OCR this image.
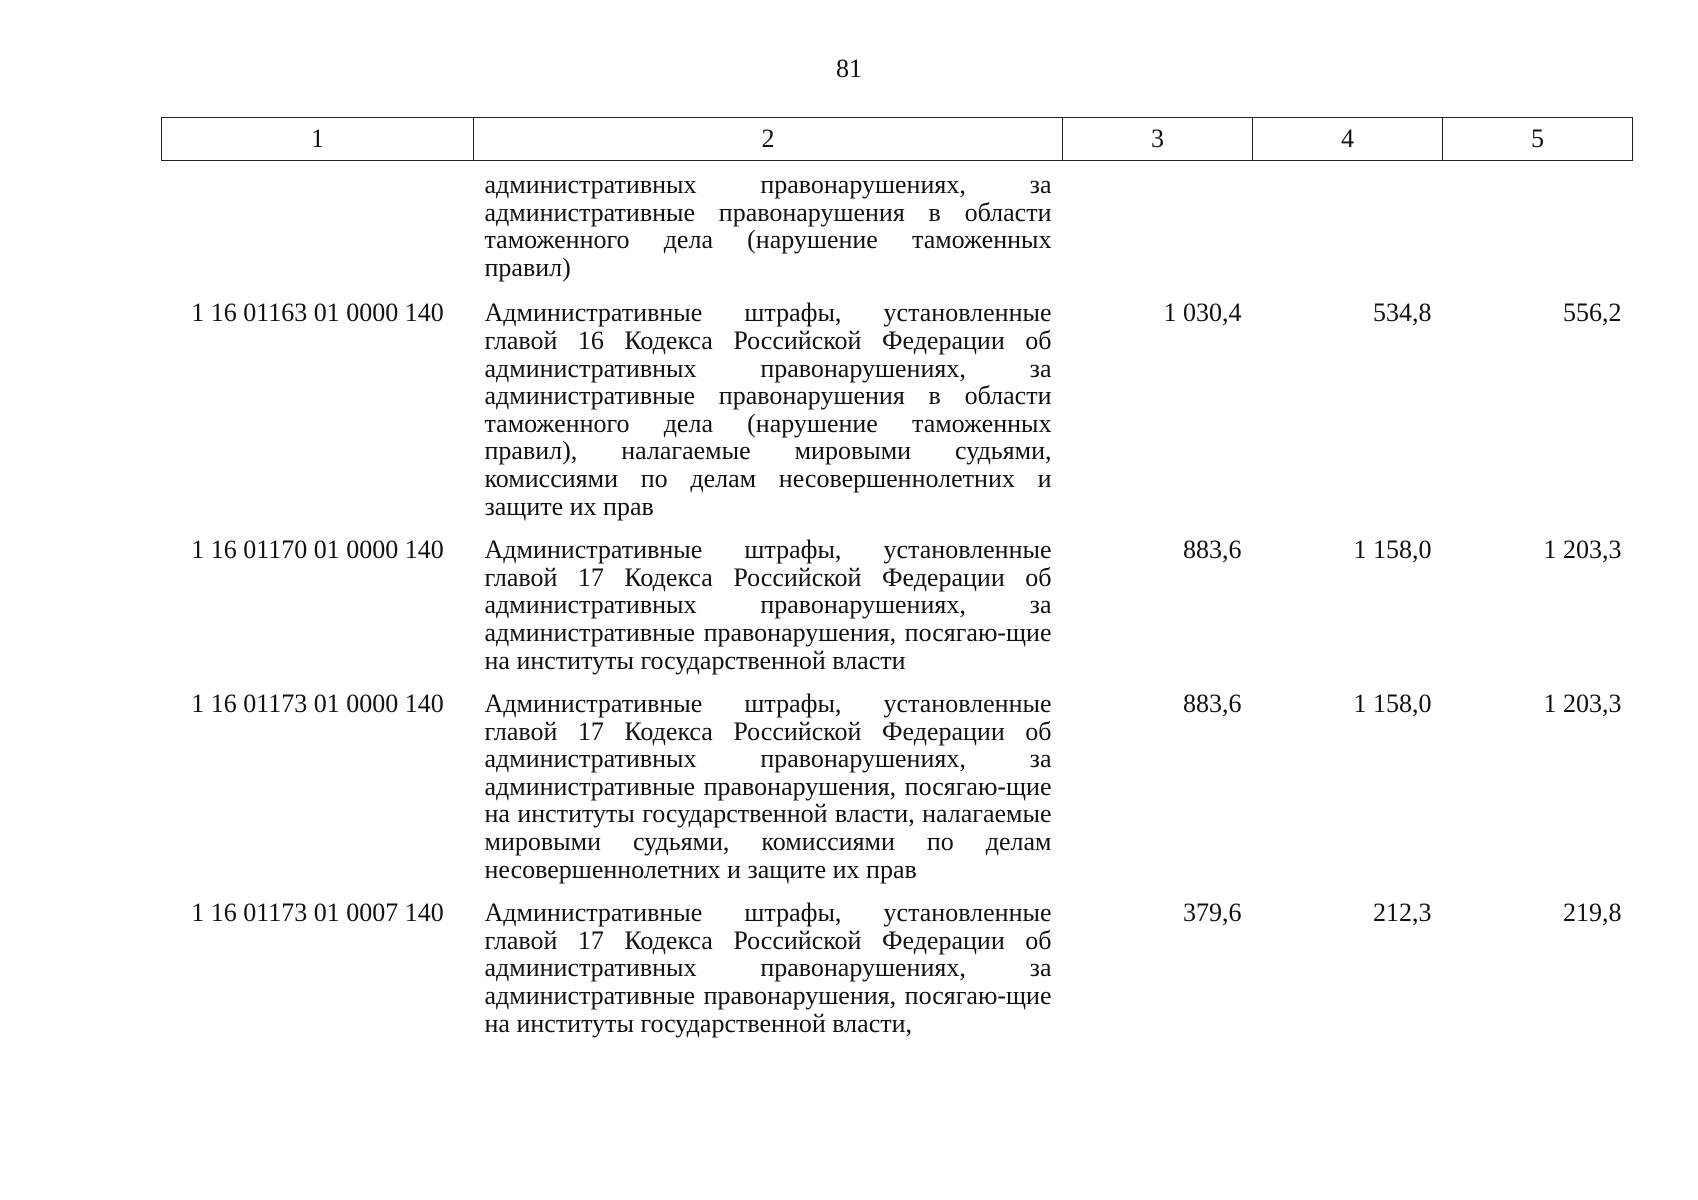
81
1	2	3	4	5
	административных правонарушениях, за административные правонарушения в области таможенного дела (нарушение таможенных правил)			
1 16 01163 01 0000 140	Административные штрафы, установленные главой 16 Кодекса Российской Федерации об административных правонарушениях, за административные правонарушения в области таможенного дела (нарушение таможенных правил), налагаемые мировыми судьями, комиссиями по делам несовершеннолетних и защите их прав	1 030,4	534,8	556,2
1 16 01170 01 0000 140	Административные штрафы, установленные главой 17 Кодекса Российской Федерации об административных правонарушениях, за административные правонарушения, посягаю-щие на институты государственной власти	883,6	1 158,0	1 203,3
1 16 01173 01 0000 140	Административные штрафы, установленные главой 17 Кодекса Российской Федерации об административных правонарушениях, за административные правонарушения, посягаю-щие на институты государственной власти, налагаемые мировыми судьями, комиссиями по делам несовершеннолетних и защите их прав	883,6	1 158,0	1 203,3
1 16 01173 01 0007 140	Административные штрафы, установленные главой 17 Кодекса Российской Федерации об административных правонарушениях, за административные правонарушения, посягаю-щие на институты государственной власти,	379,6	212,3	219,8
